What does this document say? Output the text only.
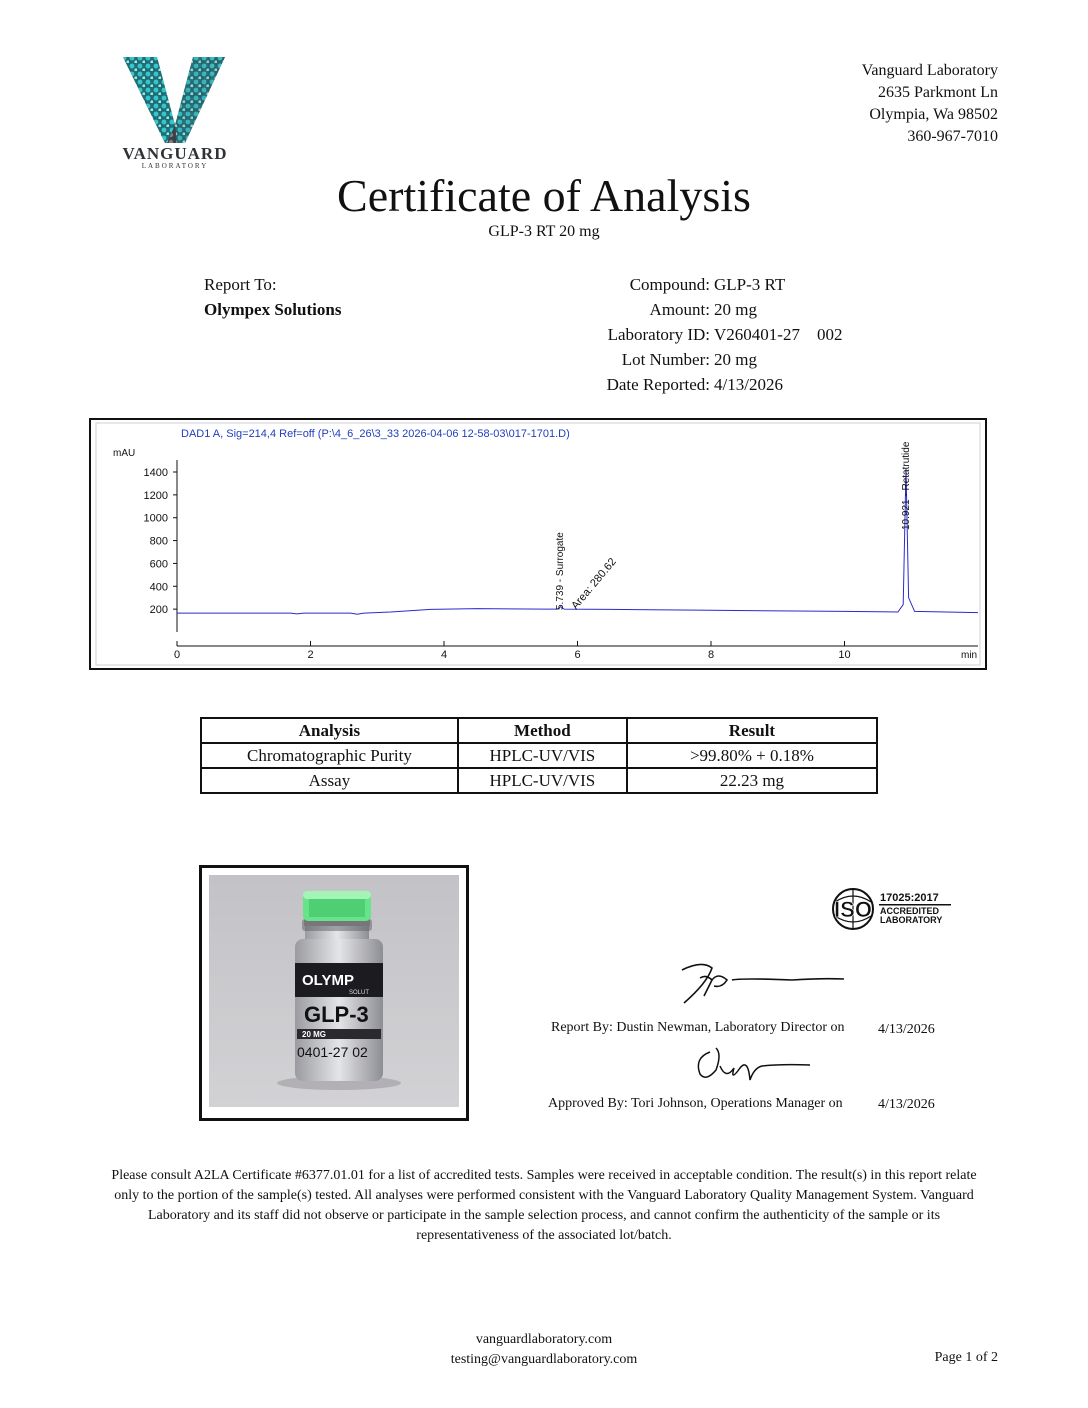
VANGUARD
LABORATORY
Vanguard Laboratory
2635 Parkmont Ln
Olympia, Wa 98502
360-967-7010
Certificate of Analysis
GLP-3 RT 20 mg
Report To:
Olympex Solutions
Compound: GLP-3 RT
Amount: 20 mg
Laboratory ID: V260401-27    002
Lot Number: 20 mg
Date Reported: 4/13/2026
DAD1 A, Sig=214,4 Ref=off (P:\4_6_26\3_33 2026-04-06 12-58-03\017-1701.D)
mAU
min
1400
1200
1000
800
600
400
200
0	2	4	6	8	10
5.739 - Surrogate Area: 280.62
10.921 - Retatrutide
Analysis	Method	Result
Chromatographic Purity	HPLC-UV/VIS	>99.80% + 0.18%
Assay	HPLC-UV/VIS	22.23 mg
OLYMP
SOLUT
GLP-3
20 MG
0401-27 02
ISO 17025:2017
ACCREDITED
LABORATORY
Report By: Dustin Newman, Laboratory Director on 4/13/2026
Approved By: Tori Johnson, Operations Manager on	4/13/2026
Please consult A2LA Certificate #6377.01.01 for a list of accredited tests. Samples were received in acceptable condition. The result(s) in this report relate only to the portion of the sample(s) tested. All analyses were performed consistent with the Vanguard Laboratory Quality Management System. Vanguard Laboratory and its staff did not observe or participate in the sample selection process, and cannot confirm the authenticity of the sample or its representativeness of the associated lot/batch.
vanguardlaboratory.com
testing@vanguardlaboratory.com	Page 1 of 2
